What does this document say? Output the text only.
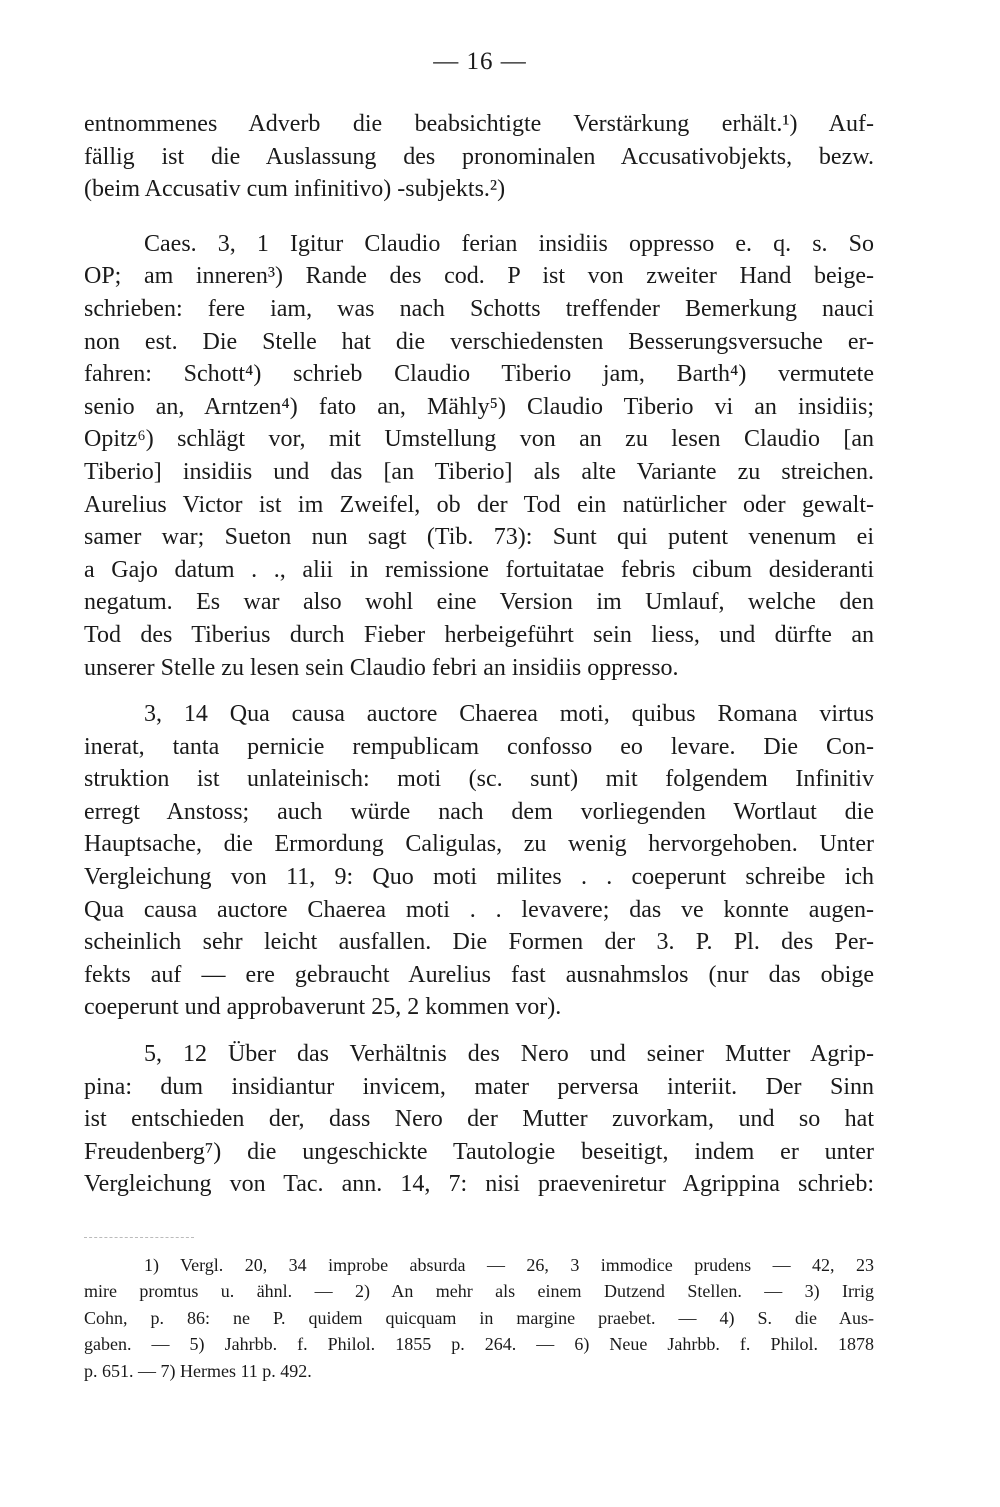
— 16 —
entnommenes Adverb die beabsichtigte Verstärkung erhält.¹) Auf-
fällig ist die Auslassung des pronominalen Accusativobjekts, bezw.
(beim Accusativ cum infinitivo) -subjekts.²)
Caes. 3, 1 Igitur Claudio ferian insidiis oppresso e. q. s. So
OP; am inneren³) Rande des cod. P ist von zweiter Hand beige-
schrieben: fere iam, was nach Schotts treffender Bemerkung nauci
non est. Die Stelle hat die verschiedensten Besserungsversuche er-
fahren: Schott⁴) schrieb Claudio Tiberio jam, Barth⁴) vermutete
senio an, Arntzen⁴) fato an, Mähly⁵) Claudio Tiberio vi an insidiis;
Opitz⁶) schlägt vor, mit Umstellung von an zu lesen Claudio [an
Tiberio] insidiis und das [an Tiberio] als alte Variante zu streichen.
Aurelius Victor ist im Zweifel, ob der Tod ein natürlicher oder gewalt-
samer war; Sueton nun sagt (Tib. 73): Sunt qui putent venenum ei
a Gajo datum . ., alii in remissione fortuitatae febris cibum desideranti
negatum. Es war also wohl eine Version im Umlauf, welche den
Tod des Tiberius durch Fieber herbeigeführt sein liess, und dürfte an
unserer Stelle zu lesen sein Claudio febri an insidiis oppresso.
3, 14 Qua causa auctore Chaerea moti, quibus Romana virtus
inerat, tanta pernicie rempublicam confosso eo levare. Die Con-
struktion ist unlateinisch: moti (sc. sunt) mit folgendem Infinitiv
erregt Anstoss; auch würde nach dem vorliegenden Wortlaut die
Hauptsache, die Ermordung Caligulas, zu wenig hervorgehoben. Unter
Vergleichung von 11, 9: Quo moti milites . . coeperunt schreibe ich
Qua causa auctore Chaerea moti . . levavere; das ve konnte augen-
scheinlich sehr leicht ausfallen. Die Formen der 3. P. Pl. des Per-
fekts auf — ere gebraucht Aurelius fast ausnahmslos (nur das obige
coeperunt und approbaverunt 25, 2 kommen vor).
5, 12 Über das Verhältnis des Nero und seiner Mutter Agrip-
pina: dum insidiantur invicem, mater perversa interiit. Der Sinn
ist entschieden der, dass Nero der Mutter zuvorkam, und so hat
Freudenberg⁷) die ungeschickte Tautologie beseitigt, indem er unter
Vergleichung von Tac. ann. 14, 7: nisi praeveniretur Agrippina schrieb:
1) Vergl. 20, 34 improbe absurda — 26, 3 immodice prudens — 42, 23
mire promtus u. ähnl. — 2) An mehr als einem Dutzend Stellen. — 3) Irrig
Cohn, p. 86: ne P. quidem quicquam in margine praebet. — 4) S. die Aus-
gaben. — 5) Jahrbb. f. Philol. 1855 p. 264. — 6) Neue Jahrbb. f. Philol. 1878
p. 651. — 7) Hermes 11 p. 492.
